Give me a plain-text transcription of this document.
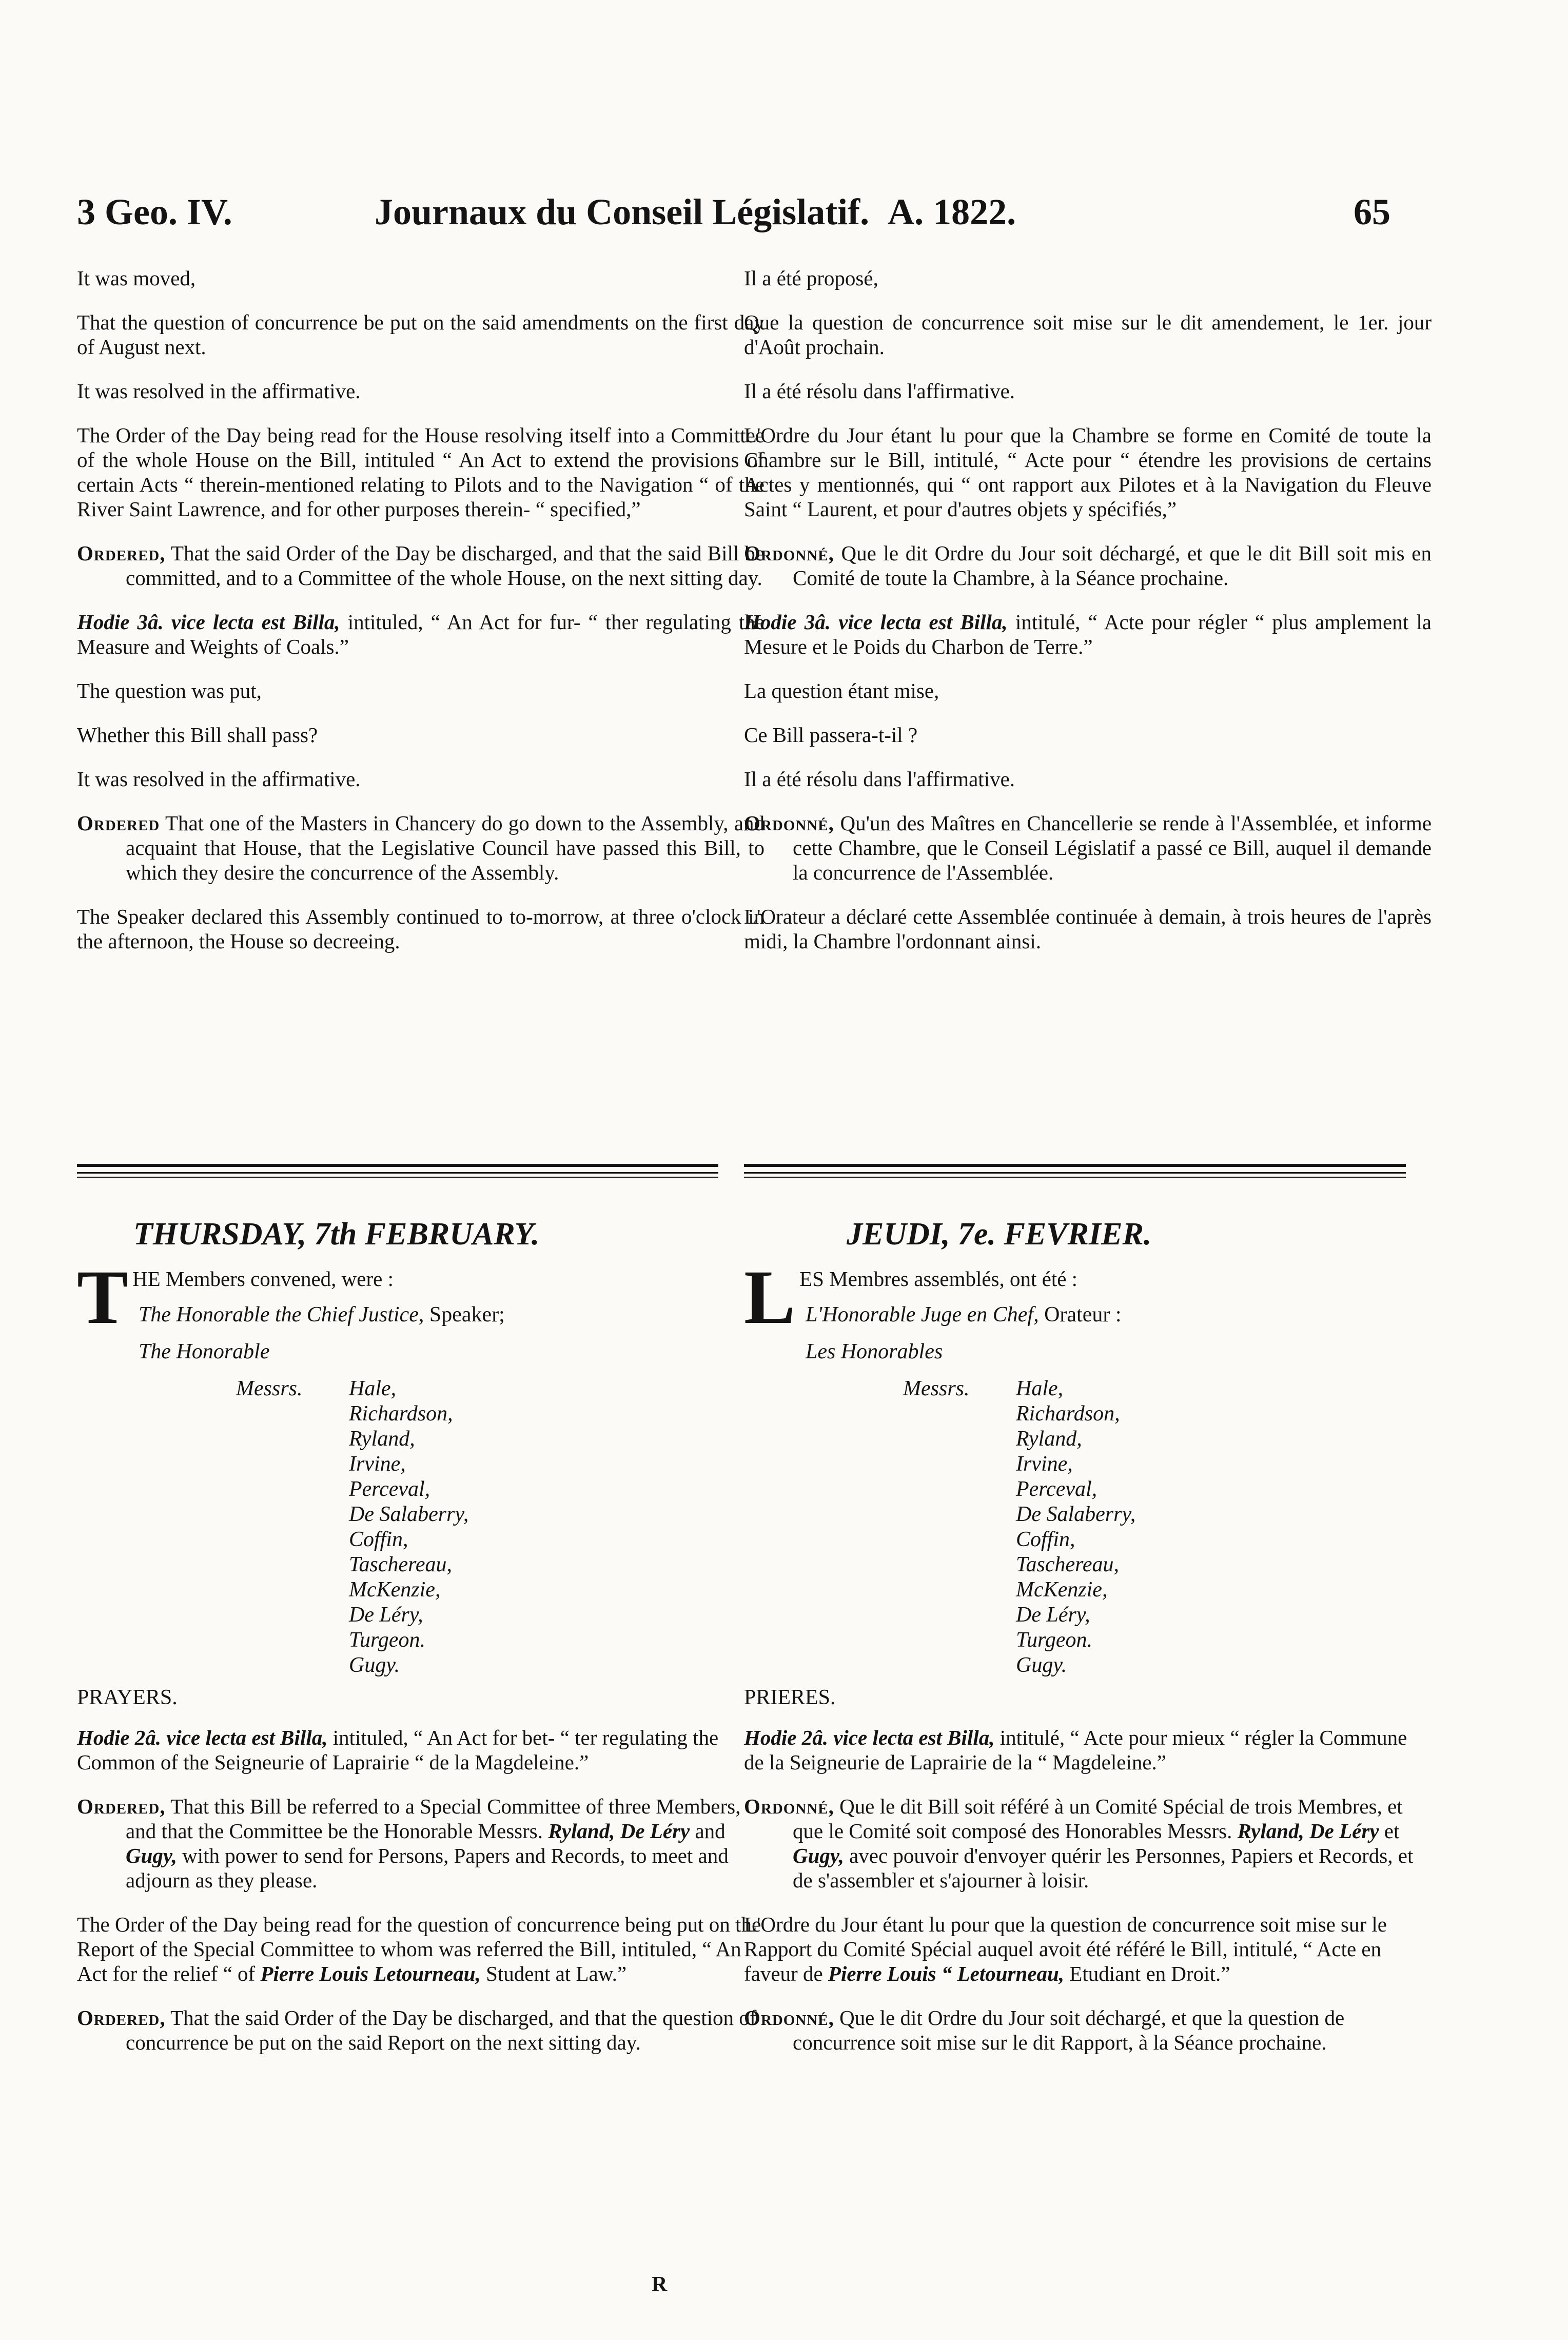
3 Geo. IV.	Journaux du Conseil Législatif. A. 1822.	65

It was moved,

That the question of concurrence be put on the said amendments on the first day of August next.

It was resolved in the affirmative.

The Order of the Day being read for the House resolving itself into a Committee of the whole House on the Bill, intituled “ An Act to extend the provisions of certain Acts “ therein-mentioned relating to Pilots and to the Navigation “ of the River Saint Lawrence, and for other purposes therein- “ specified,”

Ordered, That the said Order of the Day be discharged, and that the said Bill be committed, and to a Committee of the whole House, on the next sitting day.

Hodie 3â. vice lecta est Billa, intituled, “ An Act for fur- “ ther regulating the Measure and Weights of Coals.”

The question was put,

Whether this Bill shall pass?

It was resolved in the affirmative.

Ordered That one of the Masters in Chancery do go down to the Assembly, and acquaint that House, that the Legislative Council have passed this Bill, to which they desire the concurrence of the Assembly.

The Speaker declared this Assembly continued to to-morrow, at three o'clock in the afternoon, the House so decreeing.

Il a été proposé,

Que la question de concurrence soit mise sur le dit amendement, le 1er. jour d'Août prochain.

Il a été résolu dans l'affirmative.

L'Ordre du Jour étant lu pour que la Chambre se forme en Comité de toute la Chambre sur le Bill, intitulé, “ Acte pour “ étendre les provisions de certains Actes y mentionnés, qui “ ont rapport aux Pilotes et à la Navigation du Fleuve Saint “ Laurent, et pour d'autres objets y spécifiés,”

Ordonné, Que le dit Ordre du Jour soit déchargé, et que le dit Bill soit mis en Comité de toute la Chambre, à la Séance prochaine.

Hodie 3â. vice lecta est Billa, intitulé, “ Acte pour régler “ plus amplement la Mesure et le Poids du Charbon de Terre.”

La question étant mise,

Ce Bill passera-t-il ?

Il a été résolu dans l'affirmative.

Ordonné, Qu'un des Maîtres en Chancellerie se rende à l'Assemblée, et informe cette Chambre, que le Conseil Législatif a passé ce Bill, auquel il demande la concurrence de l'Assemblée.

L'Orateur a déclaré cette Assemblée continuée à demain, à trois heures de l'après midi, la Chambre l'ordonnant ainsi.

THURSDAY, 7th FEBRUARY.	JEUDI, 7e. FEVRIER.
THE Members convened, were :
The Honorable the Chief Justice, Speaker;
The Honorable
Messrs. Hale,
Richardson,
Ryland,
Irvine,
Perceval,
De Salaberry,
Coffin,
Taschereau,
McKenzie,
De Léry,
Turgeon.
Gugy.
PRAYERS.

Hodie 2â. vice lecta est Billa, intituled, “ An Act for bet- “ ter regulating the Common of the Seigneurie of Laprairie “ de la Magdeleine.”

Ordered, That this Bill be referred to a Special Committee of three Members, and that the Committee be the Honorable Messrs. Ryland, De Léry and Gugy, with power to send for Persons, Papers and Records, to meet and adjourn as they please.

The Order of the Day being read for the question of concurrence being put on the Report of the Special Committee to whom was referred the Bill, intituled, “ An Act for the relief “ of Pierre Louis Letourneau, Student at Law.”

Ordered, That the said Order of the Day be discharged, and that the question of concurrence be put on the said Report on the next sitting day.

LES Membres assemblés, ont été :
L'Honorable Juge en Chef, Orateur :
Les Honorables
Messrs. Hale,
Richardson,
Ryland,
Irvine,
Perceval,
De Salaberry,
Coffin,
Taschereau,
McKenzie,
De Léry,
Turgeon.
Gugy.
PRIERES.

Hodie 2â. vice lecta est Billa, intitulé, “ Acte pour mieux “ régler la Commune de la Seigneurie de Laprairie de la “ Magdeleine.”

Ordonné, Que le dit Bill soit référé à un Comité Spécial de trois Membres, et que le Comité soit composé des Honorables Messrs. Ryland, De Léry et Gugy, avec pouvoir d'envoyer quérir les Personnes, Papiers et Records, et de s'assembler et s'ajourner à loisir.

L'Ordre du Jour étant lu pour que la question de concurrence soit mise sur le Rapport du Comité Spécial auquel avoit été référé le Bill, intitulé, “ Acte en faveur de Pierre Louis “ Letourneau, Etudiant en Droit.”

Ordonné, Que le dit Ordre du Jour soit déchargé, et que la question de concurrence soit mise sur le dit Rapport, à la Séance prochaine.

R
